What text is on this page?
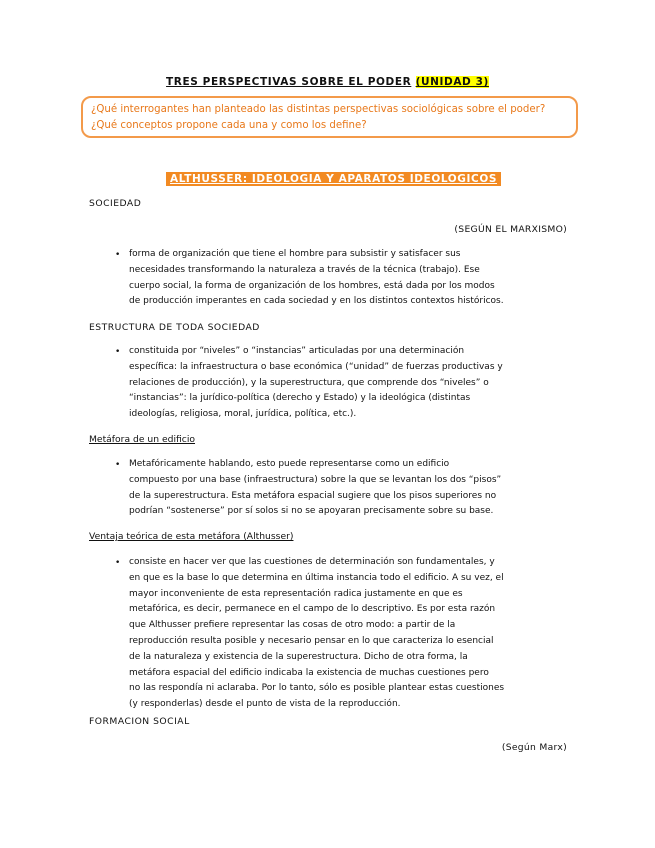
TRES PERSPECTIVAS SOBRE EL PODER (UNIDAD 3)
¿Qué interrogantes han planteado las distintas perspectivas sociológicas sobre el poder?
¿Qué conceptos propone cada una y como los define?
ALTHUSSER: IDEOLOGIA Y APARATOS IDEOLOGICOS
SOCIEDAD
(SEGÚN EL MARXISMO)
• forma de organización que tiene el hombre para subsistir y satisfacer sus
necesidades transformando la naturaleza a través de la técnica (trabajo). Ese
cuerpo social, la forma de organización de los hombres, está dada por los modos
de producción imperantes en cada sociedad y en los distintos contextos históricos.
ESTRUCTURA DE TODA SOCIEDAD
• constituida por “niveles” o “instancias” articuladas por una determinación
específica: la infraestructura o base económica (“unidad” de fuerzas productivas y
relaciones de producción), y la superestructura, que comprende dos “niveles” o
“instancias”: la jurídico-política (derecho y Estado) y la ideológica (distintas
ideologías, religiosa, moral, jurídica, política, etc.).
Metáfora de un edificio
• Metafóricamente hablando, esto puede representarse como un edificio
compuesto por una base (infraestructura) sobre la que se levantan los dos “pisos”
de la superestructura. Esta metáfora espacial sugiere que los pisos superiores no
podrían “sostenerse” por sí solos si no se apoyaran precisamente sobre su base.
Ventaja teórica de esta metáfora (Althusser)
• consiste en hacer ver que las cuestiones de determinación son fundamentales, y
en que es la base lo que determina en última instancia todo el edificio. A su vez, el
mayor inconveniente de esta representación radica justamente en que es
metafórica, es decir, permanece en el campo de lo descriptivo. Es por esta razón
que Althusser prefiere representar las cosas de otro modo: a partir de la
reproducción resulta posible y necesario pensar en lo que caracteriza lo esencial
de la naturaleza y existencia de la superestructura. Dicho de otra forma, la
metáfora espacial del edificio indicaba la existencia de muchas cuestiones pero
no las respondía ni aclaraba. Por lo tanto, sólo es posible plantear estas cuestiones
(y responderlas) desde el punto de vista de la reproducción.
FORMACION SOCIAL
(Según Marx)
